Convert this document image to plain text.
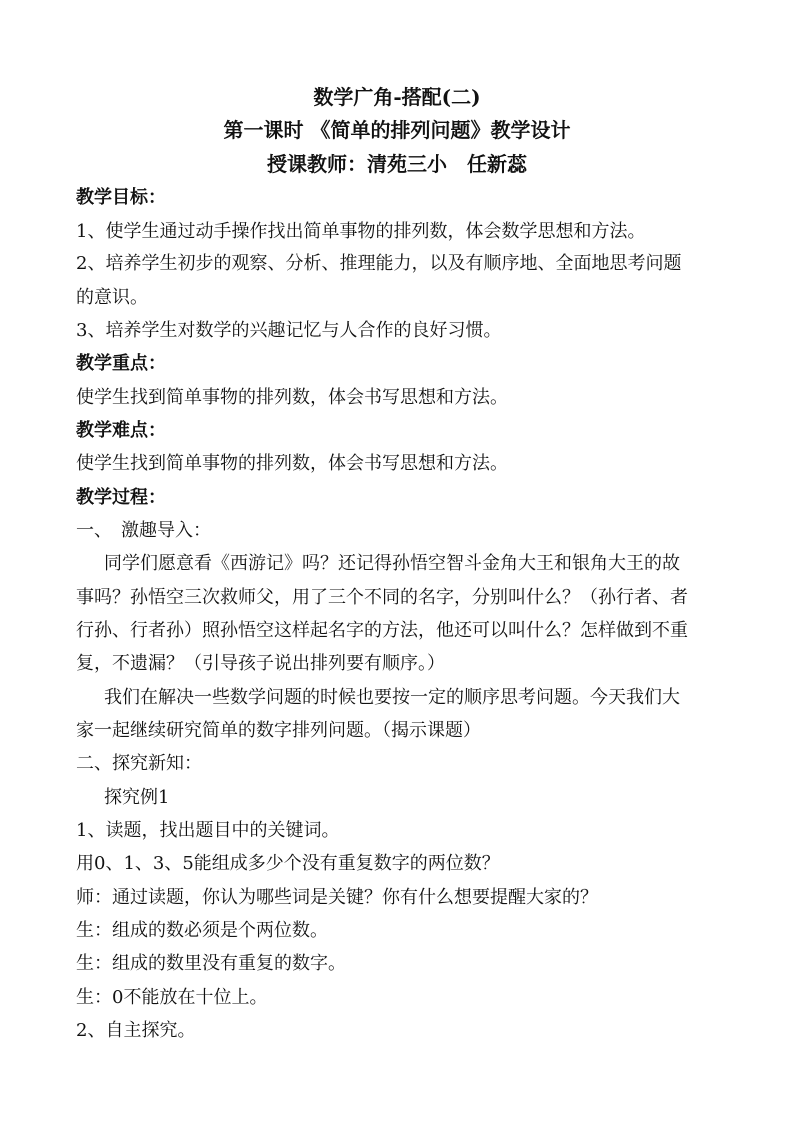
数学广角-搭配(二)
第一课时 《简单的排列问题》教学设计
授课教师：清苑三小　任新蕊
教学目标：
1、使学生通过动手操作找出简单事物的排列数，体会数学思想和方法。
2、培养学生初步的观察、分析、推理能力，以及有顺序地、全面地思考问题
的意识。
3、培养学生对数学的兴趣记忆与人合作的良好习惯。
教学重点：
使学生找到简单事物的排列数，体会书写思想和方法。
教学难点：
使学生找到简单事物的排列数，体会书写思想和方法。
教学过程：
一、　激趣导入：
同学们愿意看《西游记》吗？还记得孙悟空智斗金角大王和银角大王的故
事吗？孙悟空三次救师父，用了三个不同的名字，分别叫什么？（孙行者、者
行孙、行者孙）照孙悟空这样起名字的方法，他还可以叫什么？怎样做到不重
复，不遗漏？（引导孩子说出排列要有顺序。）
我们在解决一些数学问题的时候也要按一定的顺序思考问题。今天我们大
家一起继续研究简单的数字排列问题。（揭示课题）
二、探究新知：
探究例1
1、读题，找出题目中的关键词。
用0、1、3、5能组成多少个没有重复数字的两位数？
师：通过读题，你认为哪些词是关键？你有什么想要提醒大家的？
生：组成的数必须是个两位数。
生：组成的数里没有重复的数字。
生：0不能放在十位上。
2、自主探究。
